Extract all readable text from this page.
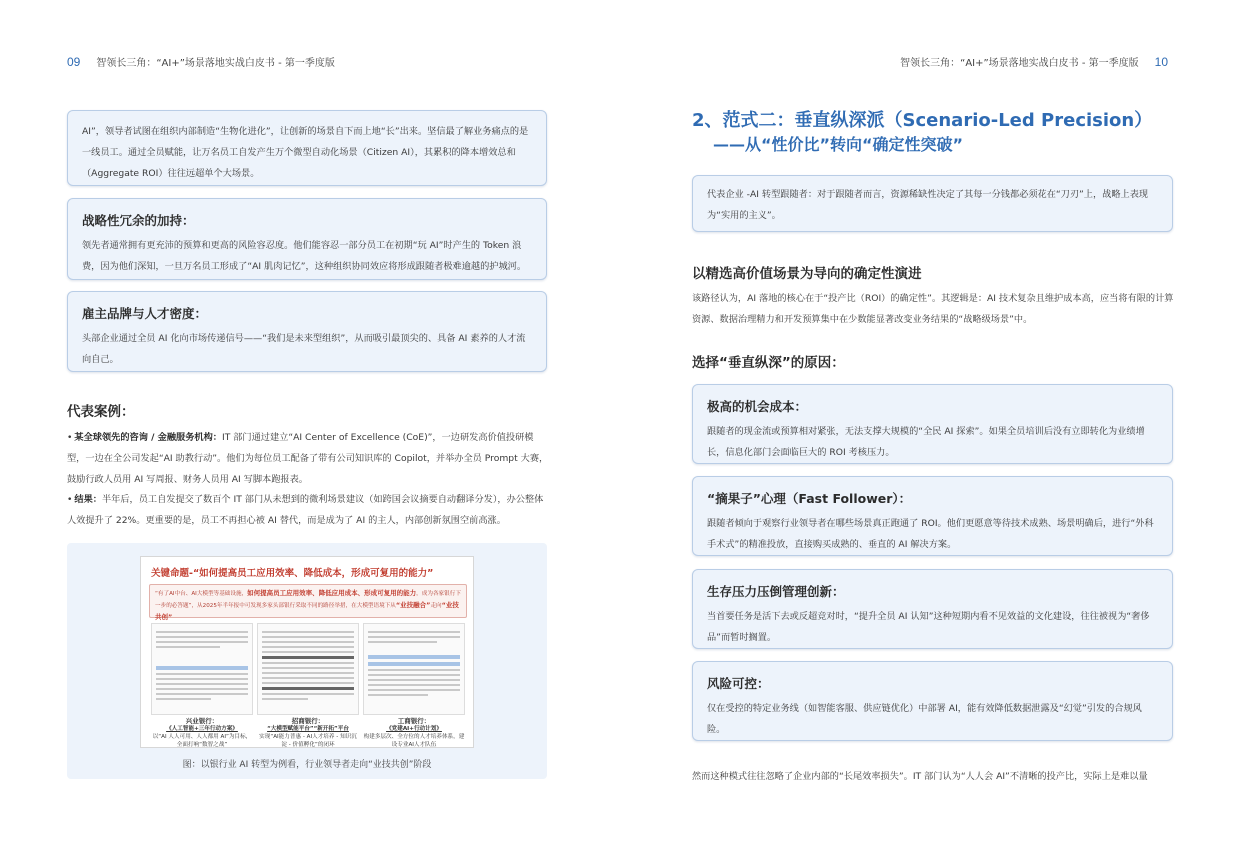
09 智领长三角：“AI+”场景落地实战白皮书 - 第一季度版
AI”，领导者试图在组织内部制造“生物化进化”，让创新的场景自下而上地“长”出来。坚信最了解业务痛点的是一线员工。通过全员赋能，让万名员工自发产生万个微型自动化场景（Citizen AI），其累积的降本增效总和（Aggregate ROI）往往远超单个大场景。
战略性冗余的加持：
领先者通常拥有更充沛的预算和更高的风险容忍度。他们能容忍一部分员工在初期“玩 AI”时产生的 Token 浪费，因为他们深知，一旦万名员工形成了“AI 肌肉记忆”，这种组织协同效应将形成跟随者极难逾越的护城河。
雇主品牌与人才密度：
头部企业通过全员 AI 化向市场传递信号——“我们是未来型组织”，从而吸引最顶尖的、具备 AI 素养的人才流向自己。
代表案例：
• 某全球领先的咨询 / 金融服务机构：IT 部门通过建立“AI Center of Excellence (CoE)”，一边研发高价值投研模型，一边在全公司发起“AI 助教行动”。他们为每位员工配备了带有公司知识库的 Copilot，并举办全员 Prompt 大赛，鼓励行政人员用 AI 写周报、财务人员用 AI 写脚本跑报表。
• 结果：半年后，员工自发提交了数百个 IT 部门从未想到的微利场景建议（如跨国会议摘要自动翻译分发），办公整体人效提升了 22%。更重要的是，员工不再担心被 AI 替代，而是成为了 AI 的主人，内部创新氛围空前高涨。
关键命题-“如何提高员工应用效率、降低成本，形成可复用的能力”
“有了AI中台、AI大模型等基础设施，如何提高员工应用效率、降低应用成本、形成可复用的能力，成为各家银行下一步的必答题”，从2025年半年报中可发现多家头部银行采取不同的路径举措，在大模型语境下从“业技融合”走向“业技共创”
兴业银行：
《人工智能+三年行动方案》
以“AI 人人可用、人人都用 AI”为目标，全面打响“数智之战”
招商银行：
“大模型赋能平台”“新开拓”平台
实现“AI能力普惠 - AI人才培养 - 知识沉淀 - 价值孵化”的闭环
工商银行：
《党建AI+行动计划》
构建多层次、全方位的人才培养体系，建设专业AI人才队伍
图：以银行业 AI 转型为例看，行业领导者走向“业技共创”阶段
智领长三角：“AI+”场景落地实战白皮书 - 第一季度版 10
2、范式二：垂直纵深派（Scenario-Led Precision）
——从“性价比”转向“确定性突破”
代表企业 -AI 转型跟随者：对于跟随者而言，资源稀缺性决定了其每一分钱都必须花在“刀刃”上，战略上表现为“实用的主义”。
以精选高价值场景为导向的确定性演进
该路径认为，AI 落地的核心在于“投产比（ROI）的确定性”。其逻辑是：AI 技术复杂且维护成本高，应当将有限的计算资源、数据治理精力和开发预算集中在少数能显著改变业务结果的“战略级场景”中。
选择“垂直纵深”的原因：
极高的机会成本：
跟随者的现金流或预算相对紧张，无法支撑大规模的“全民 AI 探索”。如果全员培训后没有立即转化为业绩增长，信息化部门会面临巨大的 ROI 考核压力。
“摘果子”心理（Fast Follower）：
跟随者倾向于观察行业领导者在哪些场景真正跑通了 ROI。他们更愿意等待技术成熟、场景明确后，进行“外科手术式”的精准投放，直接购买成熟的、垂直的 AI 解决方案。
生存压力压倒管理创新：
当首要任务是活下去或反超竞对时，“提升全员 AI 认知”这种短期内看不见效益的文化建设，往往被视为“奢侈品”而暂时搁置。
风险可控：
仅在受控的特定业务线（如智能客服、供应链优化）中部署 AI，能有效降低数据泄露及“幻觉”引发的合规风险。
然而这种模式往往忽略了企业内部的“长尾效率损失”。IT 部门认为“人人会 AI”不清晰的投产比，实际上是难以量
